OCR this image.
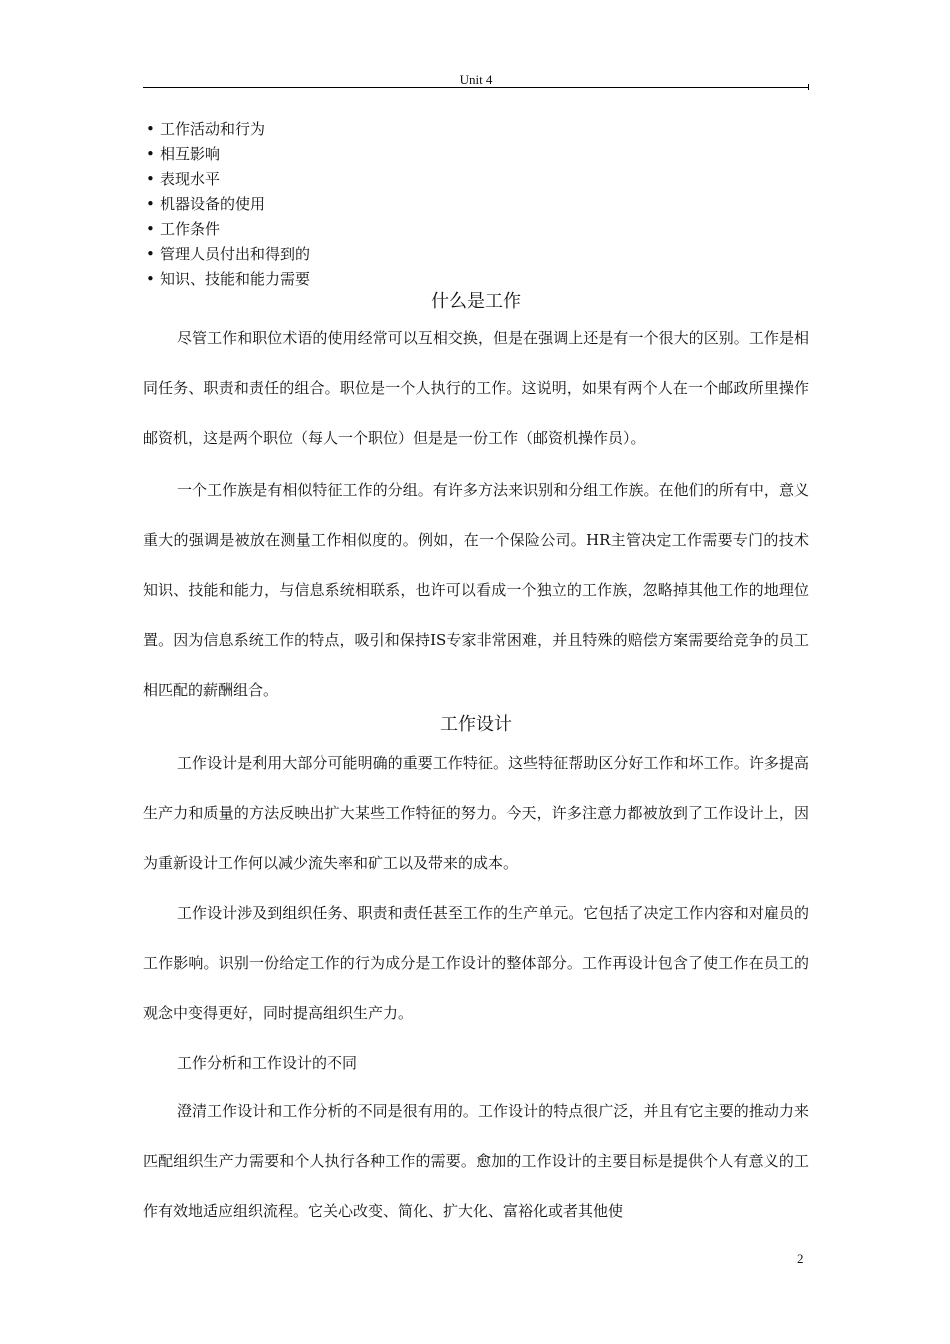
Unit 4
• 工作活动和行为
• 相互影响
• 表现水平
• 机器设备的使用
• 工作条件
• 管理人员付出和得到的
• 知识、技能和能力需要
什么是工作

尽管工作和职位术语的使用经常可以互相交换，但是在强调上还是有一个很大的区别。工作是相同任务、职责和责任的组合。职位是一个人执行的工作。这说明，如果有两个人在一个邮政所里操作邮资机，这是两个职位（每人一个职位）但是是一份工作（邮资机操作员）。

一个工作族是有相似特征工作的分组。有许多方法来识别和分组工作族。在他们的所有中，意义重大的强调是被放在测量工作相似度的。例如，在一个保险公司。HR主管决定工作需要专门的技术知识、技能和能力，与信息系统相联系，也许可以看成一个独立的工作族，忽略掉其他工作的地理位置。因为信息系统工作的特点，吸引和保持IS专家非常困难，并且特殊的赔偿方案需要给竞争的员工相匹配的薪酬组合。

工作设计

工作设计是利用大部分可能明确的重要工作特征。这些特征帮助区分好工作和坏工作。许多提高生产力和质量的方法反映出扩大某些工作特征的努力。今天，许多注意力都被放到了工作设计上，因为重新设计工作何以减少流失率和矿工以及带来的成本。

工作设计涉及到组织任务、职责和责任甚至工作的生产单元。它包括了决定工作内容和对雇员的工作影响。识别一份给定工作的行为成分是工作设计的整体部分。工作再设计包含了使工作在员工的观念中变得更好，同时提高组织生产力。

工作分析和工作设计的不同

澄清工作设计和工作分析的不同是很有用的。工作设计的特点很广泛，并且有它主要的推动力来匹配组织生产力需要和个人执行各种工作的需要。愈加的工作设计的主要目标是提供个人有意义的工作有效地适应组织流程。它关心改变、简化、扩大化、富裕化或者其他使

2
